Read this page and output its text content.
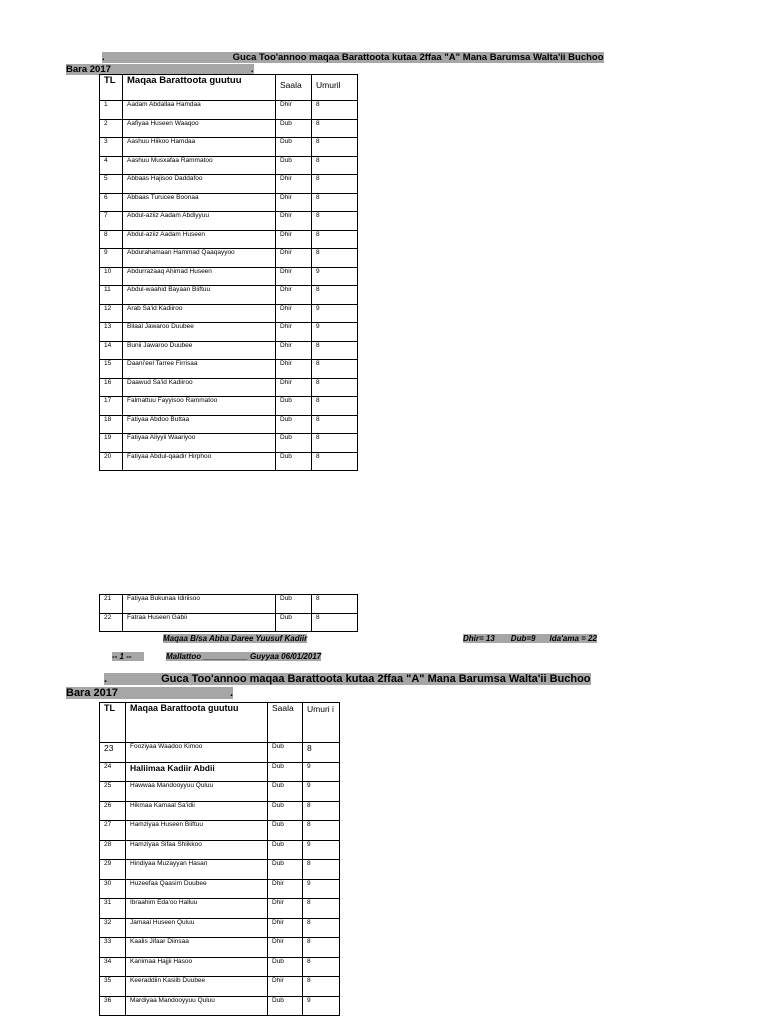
.	Guca Too'annoo maqaa Barattoota kutaa 2ffaa "A" Mana Barumsa Walta'ii Buchoo
Bara 2017	.
TL	Maqaa Barattoota guutuu	Saala	Umuril
1	Aadam Abdallaa Hamdaa	Dhir	8
2	Aafiyaa Huseen Waaqoo	Dub	8
3	Aashuu Hiikoo Hamdaa	Dub	8
4	Aashuu Musxafaa Rammatoo	Dub	8
5	Abbaas Hajisoo Daddafoo	Dhir	8
6	Abbaas Turucee Boonaa	Dhir	8
7	Abdul-aziiz Aadam Abdiyyuu	Dhir	8
8	Abdul-aziiz Aadam Huseen	Dhir	8
9	Abdurahamaan Hammad Qaaqayyoo	Dhir	8
10	Abdurrazaaq Ahimad Huseen	Dhir	9
11	Abdul-waahid Bayaan Biiftuu	Dhir	8
12	Arab Sa'id Kadiiroo	Dhir	9
13	Bilaal Jawaroo Duubee	Dhir	9
14	Bunii Jawaroo Duubee	Dhir	8
15	Daani'eel Tarree Firrisaa	Dhir	8
16	Daawud Sa'id Kadiiroo	Dhir	8
17	Falmattuu Fayyisoo Rammatoo	Dub	8
18	Fatiyaa Abdoo Buttaa	Dub	8
19	Fatiyaa Aliyyii Waariyoo	Dub	8
20	Fatiyaa Abdul-qaadir Hirphoo	Dub	8
21	Fatiyaa Bukunaa Idiriisoo	Dub	8
22	Fatraa Huseen Gabii	Dub	8
Maqaa B/sa Abba Daree Yuusuf Kadiir	Dhir= 13 Dub=9 Ida'ama = 22
-- 1 --	Mallattoo __________ Guyyaa 06/01/2017
.	Guca Too'annoo maqaa Barattoota kutaa 2ffaa "A" Mana Barumsa Walta'ii Buchoo
Bara 2017	.
TL	Maqaa Barattoota guutuu	Saala	Umuri i
23	Fooziyaa Waadoo Kimoo	Dub	8
24	Haliimaa Kadiir Abdii	Dub	9
25	Hawwaa Mandooyyuu Quluu	Dub	9
26	Hikmaa Kamaal Sa'idii	Dub	8
27	Hamziyaa Huseen Biiftuu	Dub	8
28	Hamziyaa Sifaa Shiikkoo	Dub	9
29	Hindiyaa Muzayyan Hasan	Dub	8
30	Huzeefaa Qaasim Duubee	Dhir	9
31	Ibraahim Eda'oo Halluu	Dhir	8
32	Jamaal Huseen Quluu	Dhir	8
33	Kaalis Jifaar Diinsaa	Dhir	8
34	Kariimaa Hajjii Hasoo	Dub	8
35	Keeraddiin Kasiib Duubee	Dhir	8
36	Mardiyaa Mandooyyuu Quluu	Dub	9
